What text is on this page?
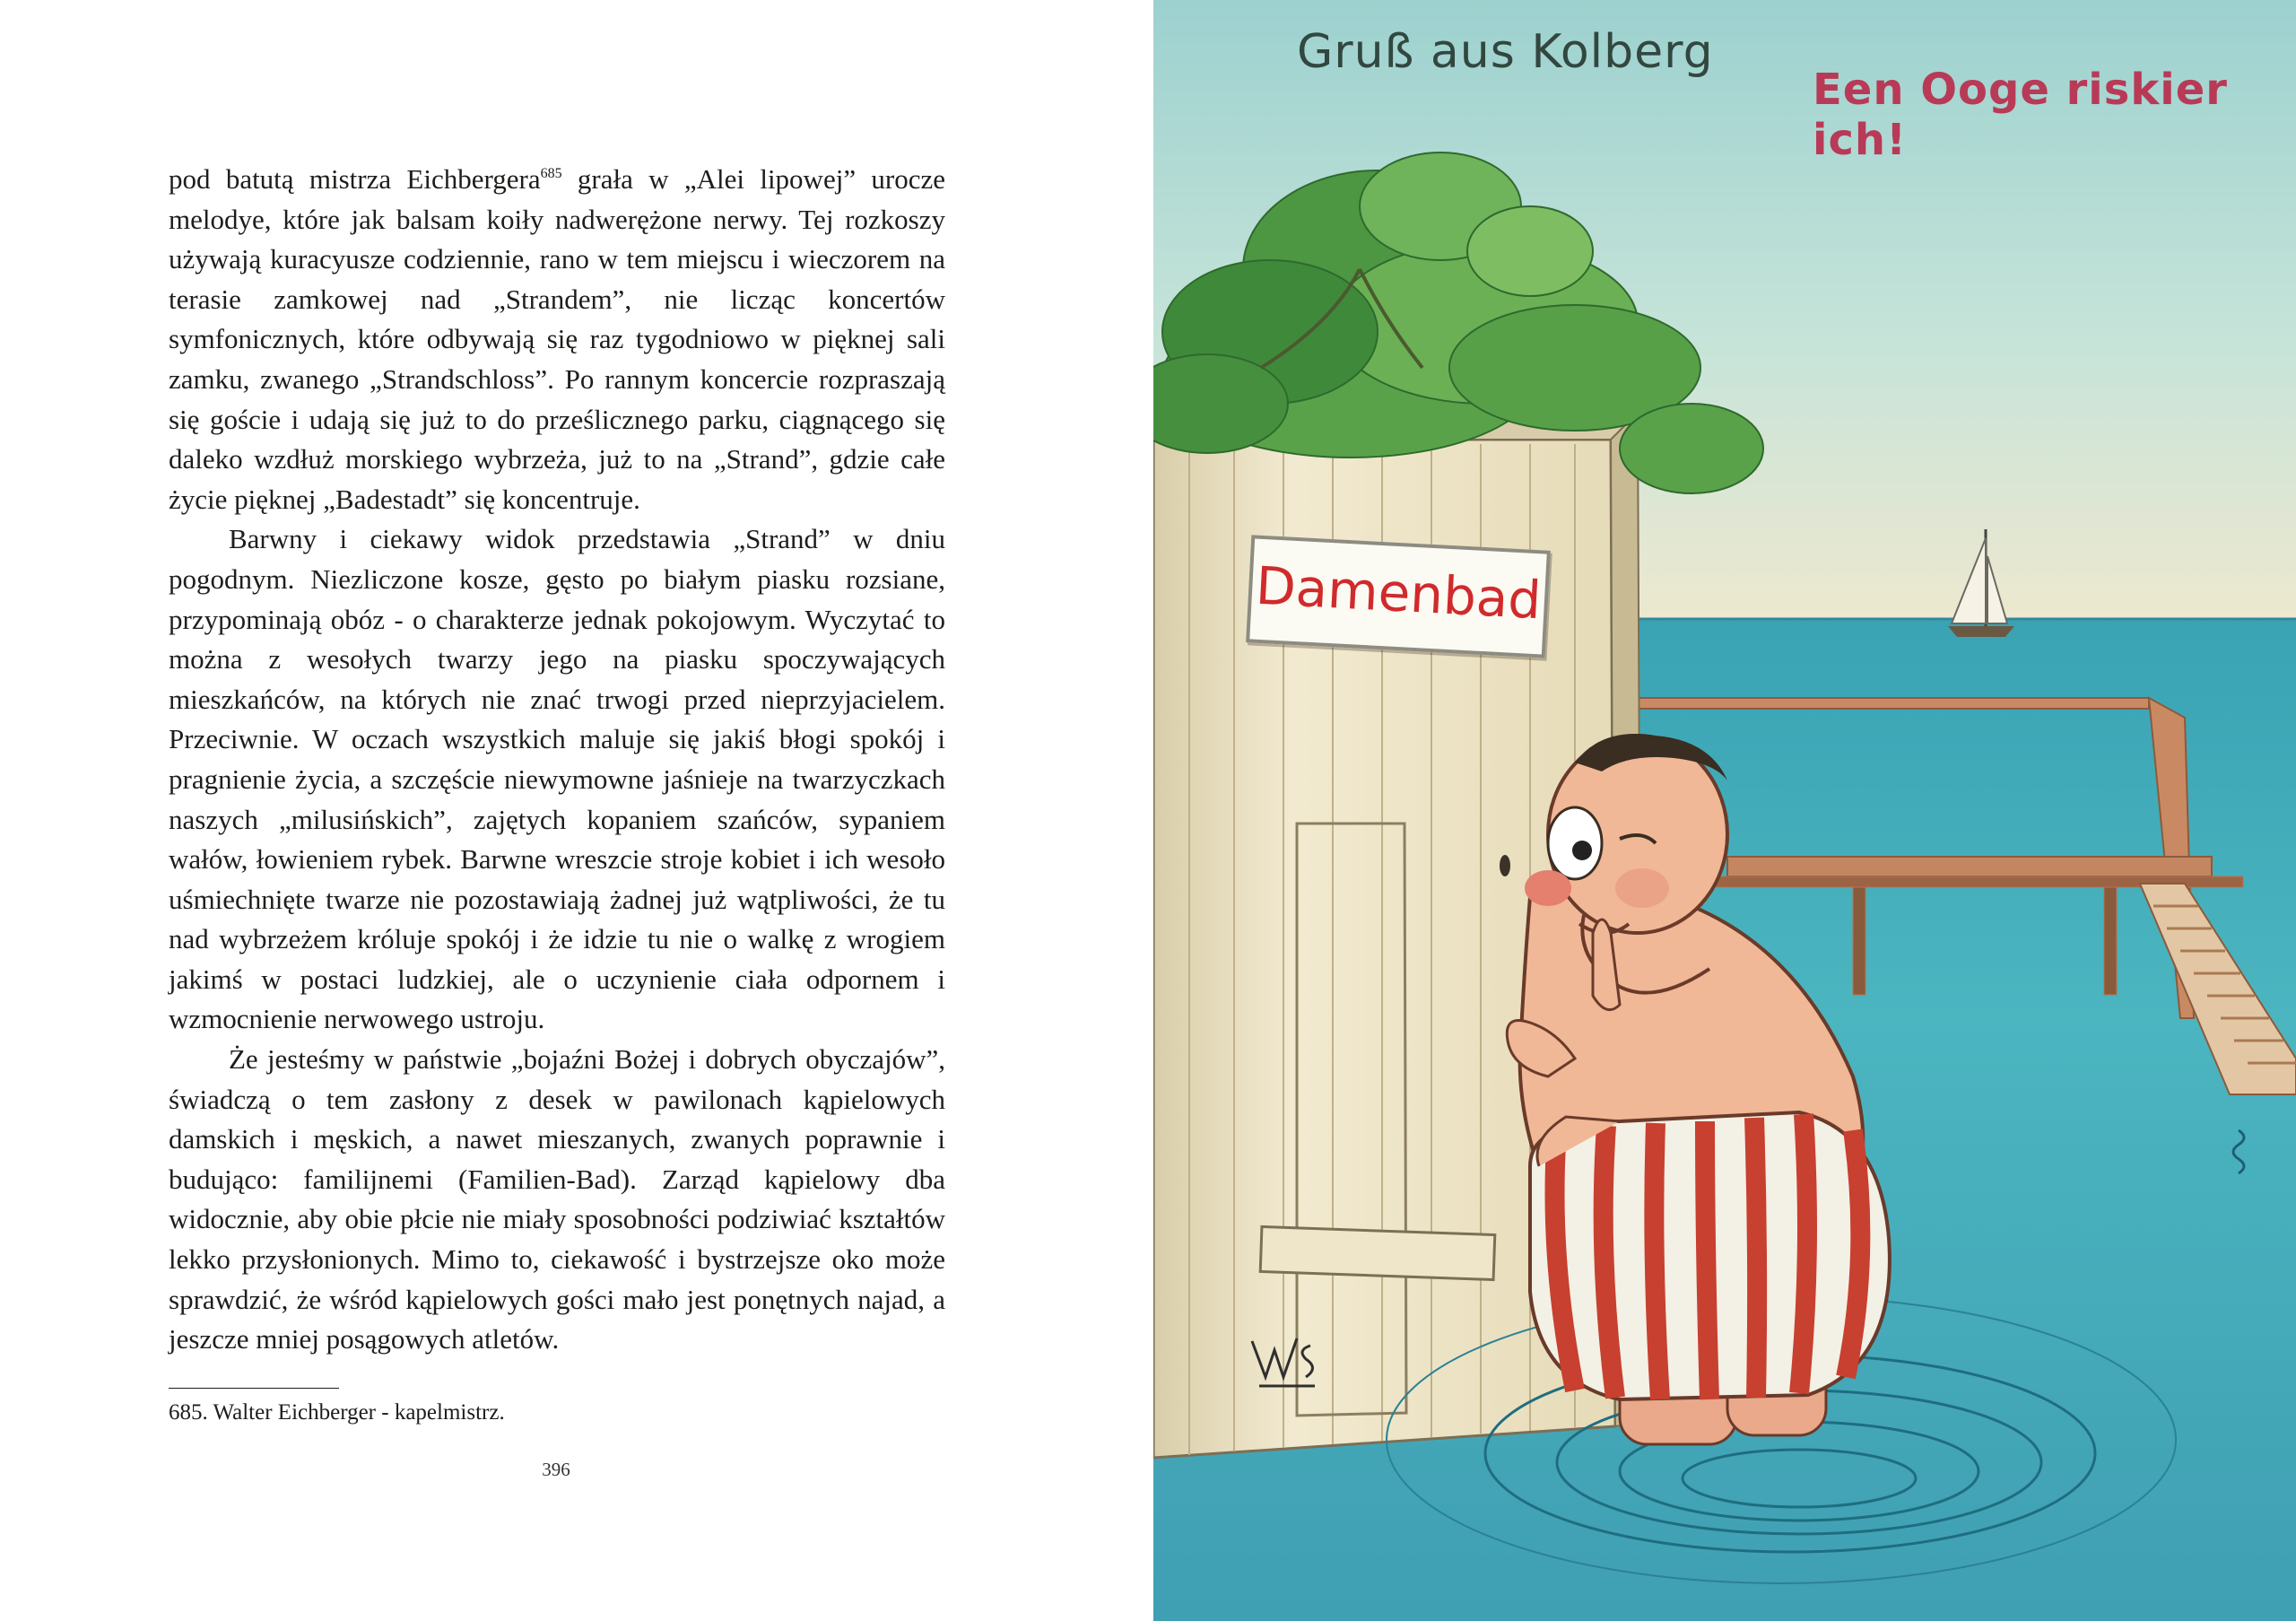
pod batutą mistrza Eichbergera$^{685}$ grała w „Alei lipowej” urocze melodye, które jak balsam koiły nadwerężone nerwy. Tej rozkoszy używają kuracyusze codziennie, rano w tem miejscu i wieczorem na terasie zamkowej nad „Strandem”, nie licząc koncertów symfonicznych, które odbywają się raz tygodniowo w pięknej sali zamku, zwanego „Strandschloss”. Po rannym koncercie rozpraszają się goście i udają się już to do prześlicznego parku, ciągnącego się daleko wzdłuż morskiego wybrzeża, już to na „Strand”, gdzie całe życie pięknej „Badestadt” się koncentruje.

Barwny i ciekawy widok przedstawia „Strand” w dniu pogodnym. Niezliczone kosze, gęsto po białym piasku rozsiane, przypominają obóz - o charakterze jednak pokojowym. Wyczytać to można z wesołych twarzy jego na piasku spoczywających mieszkańców, na których nie znać trwogi przed nieprzyjacielem. Przeciwnie. W oczach wszystkich maluje się jakiś błogi spokój i pragnienie życia, a szczęście niewymowne jaśnieje na twarzyczkach naszych „milusińskich”, zajętych kopaniem szańców, sypaniem wałów, łowieniem rybek. Barwne wreszcie stroje kobiet i ich wesoło uśmiechnięte twarze nie pozostawiają żadnej już wątpliwości, że tu nad wybrzeżem króluje spokój i że idzie tu nie o walkę z wrogiem jakimś w postaci ludzkiej, ale o uczynienie ciała odpornem i wzmocnienie nerwowego ustroju.

Że jesteśmy w państwie „bojaźni Bożej i dobrych obyczajów”, świadczą o tem zasłony z desek w pawilonach kąpielowych damskich i męskich, a nawet mieszanych, zwanych poprawnie i budująco: familijnemi (Familien-Bad). Zarząd kąpielowy dba widocznie, aby obie płcie nie miały sposobności podziwiać kształtów lekko przysłonionych. Mimo to, ciekawość i bystrzejsze oko może sprawdzić, że wśród kąpielowych gości mało jest ponętnych najad, a jeszcze mniej posągowych atletów.

685. Walter Eichberger - kapelmistrz.
396
Gruß aus Kolberg
Een Ooge riskier ich!
Damenbad
